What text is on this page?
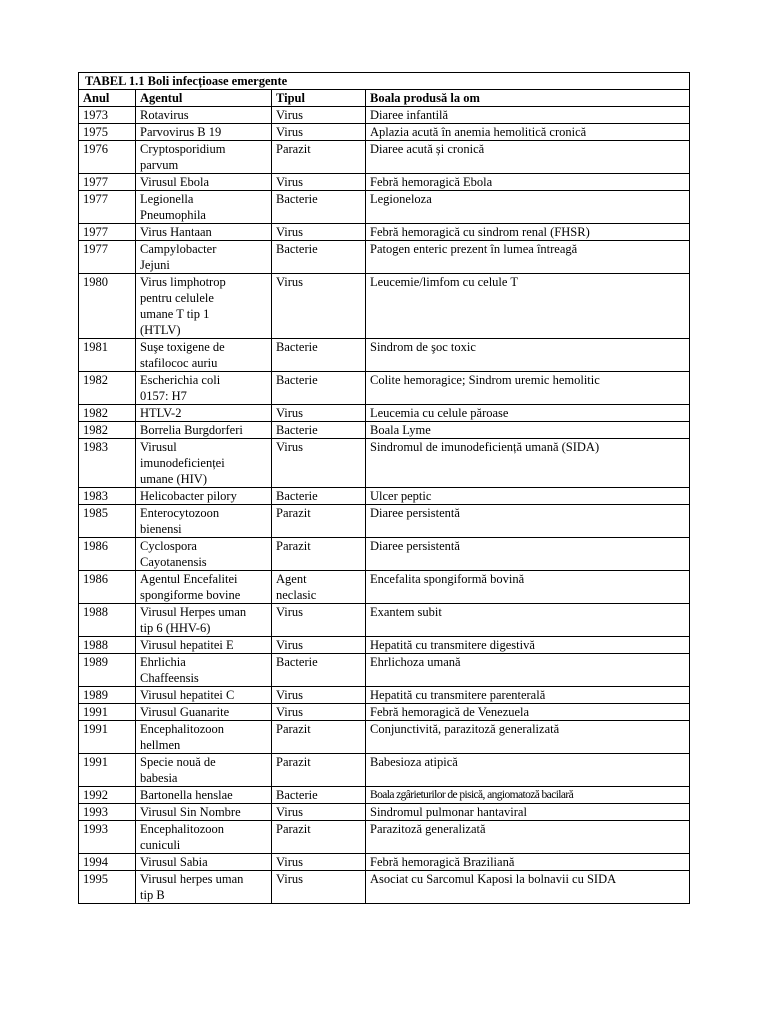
TABEL 1.1 Boli infecțioase emergente			
Anul	Agentul	Tipul	Boala produsă la om
1973	Rotavirus	Virus	Diaree infantilă
1975	Parvovirus B 19	Virus	Aplazia acută în anemia hemolitică cronică
1976	Cryptosporidium
parvum	Parazit	Diaree acută și cronică
1977	Virusul Ebola	Virus	Febră hemoragică Ebola
1977	Legionella
Pneumophila	Bacterie	Legioneloza
1977	Virus Hantaan	Virus	Febră hemoragică cu sindrom renal (FHSR)
1977	Campylobacter
Jejuni	Bacterie	Patogen enteric prezent în lumea întreagă
1980	Virus limphotrop
pentru celulele
umane T tip 1
(HTLV)	Virus	Leucemie/limfom cu celule T
1981	Suşe toxigene de
stafilococ auriu	Bacterie	Sindrom de şoc toxic
1982	Escherichia coli
0157: H7	Bacterie	Colite hemoragice; Sindrom uremic hemolitic
1982	HTLV-2	Virus	Leucemia cu celule păroase
1982	Borrelia Burgdorferi	Bacterie	Boala Lyme
1983	Virusul
imunodeficienței
umane (HIV)	Virus	Sindromul de imunodeficiență umană (SIDA)
1983	Helicobacter pilory	Bacterie	Ulcer peptic
1985	Enterocytozoon
bienensi	Parazit	Diaree persistentă
1986	Cyclospora
Cayotanensis	Parazit	Diaree persistentă
1986	Agentul Encefalitei
spongiforme bovine	Agent
neclasic	Encefalita spongiformă bovină
1988	Virusul Herpes uman
tip 6 (HHV-6)	Virus	Exantem subit
1988	Virusul hepatitei E	Virus	Hepatită cu transmitere digestivă
1989	Ehrlichia
Chaffeensis	Bacterie	Ehrlichoza umană
1989	Virusul hepatitei C	Virus	Hepatită cu transmitere parenterală
1991	Virusul Guanarite	Virus	Febră hemoragică de Venezuela
1991	Encephalitozoon
hellmen	Parazit	Conjunctivită, parazitoză generalizată
1991	Specie nouă de
babesia	Parazit	Babesioza atipică
1992	Bartonella henslae	Bacterie	Boala zgârieturilor de pisică, angiomatoză bacilară
1993	Virusul Sin Nombre	Virus	Sindromul pulmonar hantaviral
1993	Encephalitozoon
cuniculi	Parazit	Parazitoză generalizată
1994	Virusul Sabia	Virus	Febră hemoragică Braziliană
1995	Virusul herpes uman
tip B	Virus	Asociat cu Sarcomul Kaposi la bolnavii cu SIDA
